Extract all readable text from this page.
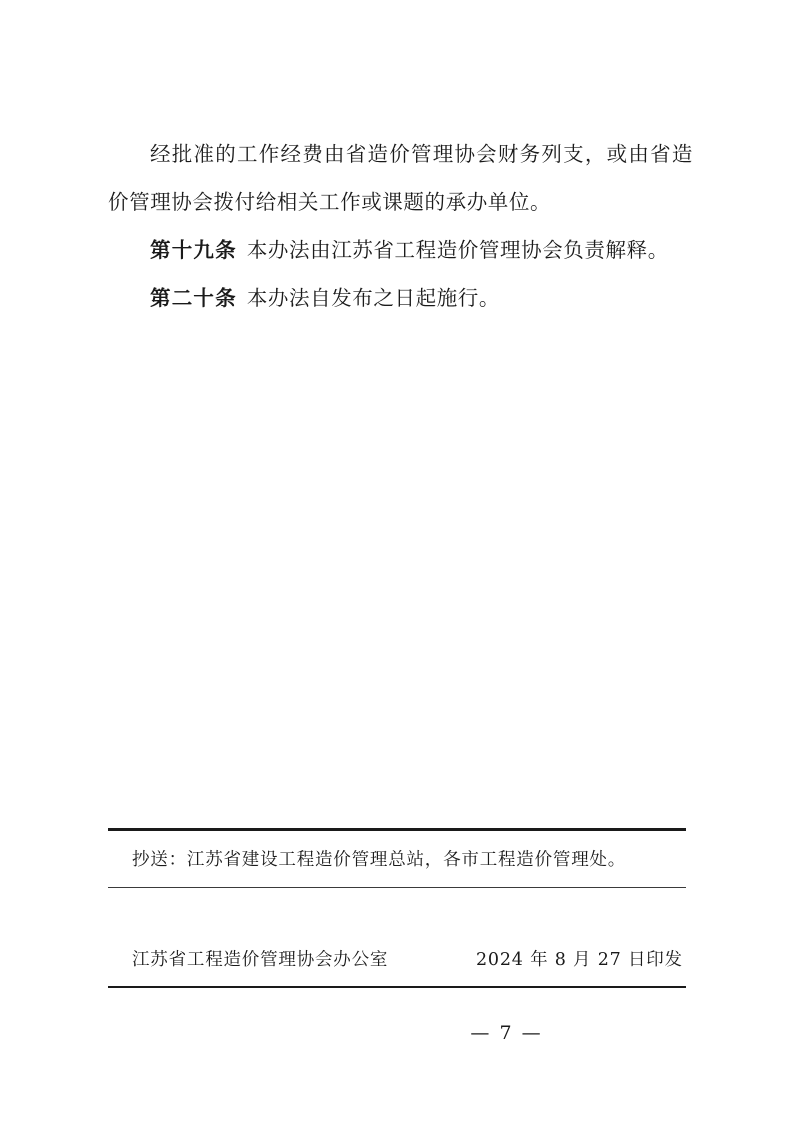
经批准的工作经费由省造价管理协会财务列支，或由省造价管理协会拨付给相关工作或课题的承办单位。

第十九条 本办法由江苏省工程造价管理协会负责解释。

第二十条 本办法自发布之日起施行。

抄送： 江苏省建设工程造价管理总站，各市工程造价管理处。
江苏省工程造价管理协会办公室	2024 年 8 月 27 日印发
— 7 —
